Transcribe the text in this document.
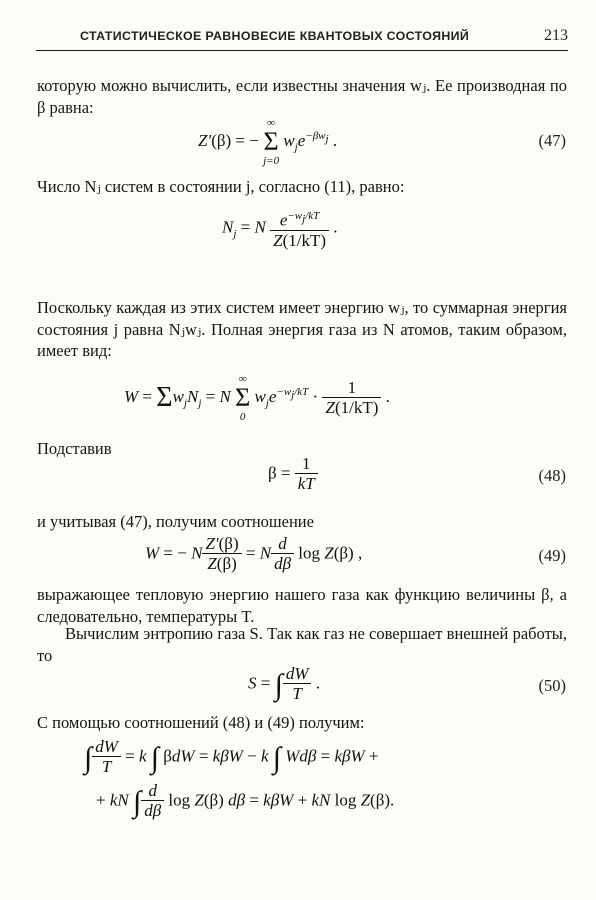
СТАТИСТИЧЕСКОЕ РАВНОВЕСИЕ КВАНТОВЫХ СОСТОЯНИЙ	213

которую можно вычислить, если известны значения wⱼ. Ее производная по β равна:

Z′(β) = −
∞
Σ
j=0
$w_je^{-\beta w_j}$ .	(47)

Число Nⱼ систем в состоянии j, согласно (11), равно:

$N_j = N \frac{e^{-w_j/kT}}{Z(1/kT)}$ .

Поскольку каждая из этих систем имеет энергию wⱼ, то суммарная энергия состояния j равна Nⱼwⱼ. Полная энергия газа из N атомов, таким образом, имеет вид:

$W = \Sigma w_jN_j = N$
∞
Σ
0
$w_je^{-w_j/kT} \cdot \frac{1}{Z(1/kT)}$ .

Подставив

$\beta = \frac{1}{kT}$	(48)

и учитывая (47), получим соотношение

W = − N $\frac{Z'(\beta)}{Z(\beta)} = N \frac{d}{d\beta}$ log Z(β) ,	(49)

выражающее тепловую энергию нашего газа как функцию величины β, а следовательно, температуры T.

Вычислим энтропию газа S. Так как газ не совершает внешней работы, то

S = ∫ $\frac{dW}{T}$ .	(50)

С помощью соотношений (48) и (49) получим:

∫ $\frac{dW}{T} = k$ ∫ βdW = kβW − k ∫ Wdβ = kβW +
+ kN ∫ $\frac{d}{d\beta}$ log Z(β) dβ = kβW + kN log Z(β).
